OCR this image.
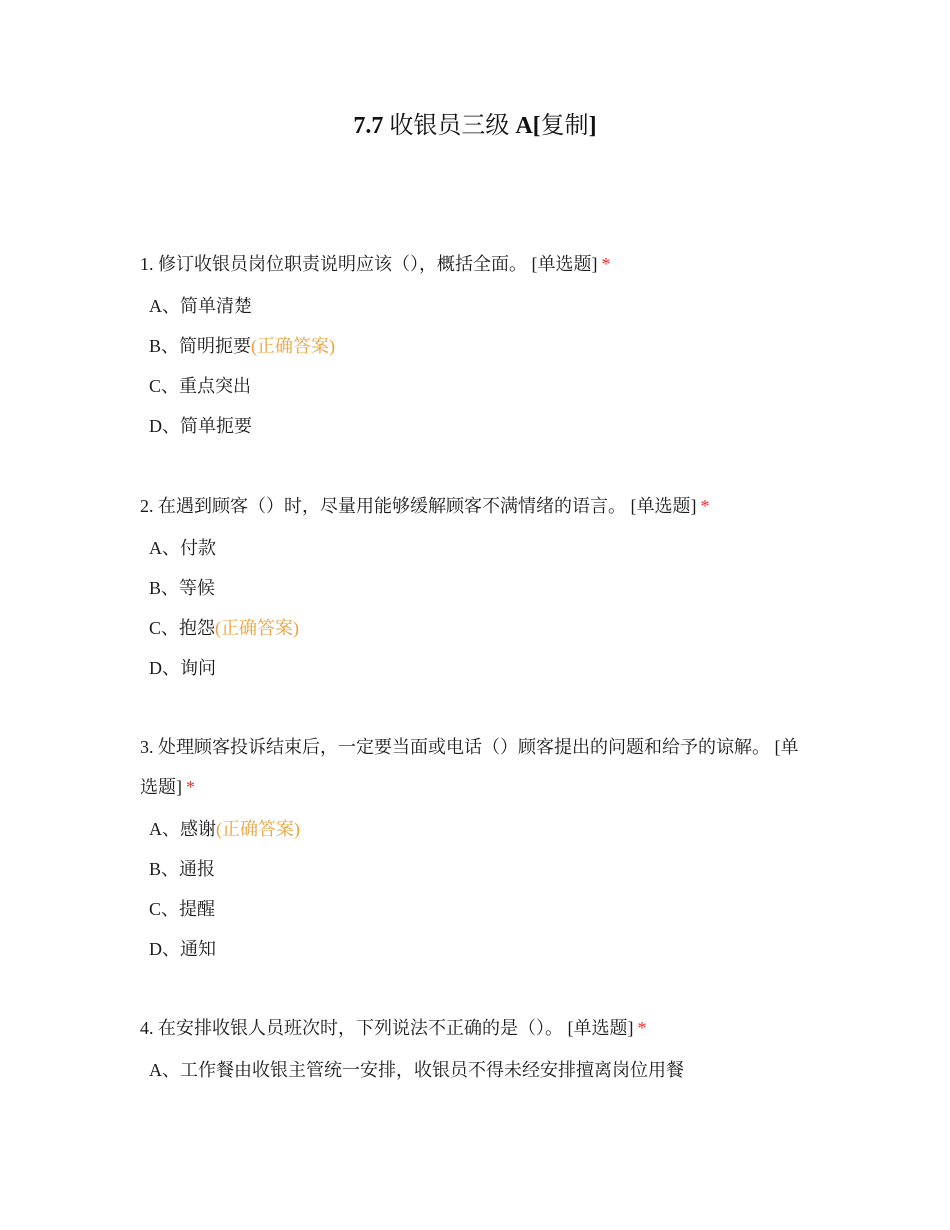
7.7 收银员三级 A[复制]
1. 修订收银员岗位职责说明应该（），概括全面。 [单选题] *
A、简单清楚
B、简明扼要(正确答案)
C、重点突出
D、简单扼要
2. 在遇到顾客（）时，尽量用能够缓解顾客不满情绪的语言。 [单选题] *
A、付款
B、等候
C、抱怨(正确答案)
D、询问
3. 处理顾客投诉结束后，一定要当面或电话（）顾客提出的问题和给予的谅解。 [单选题] *
A、感谢(正确答案)
B、通报
C、提醒
D、通知
4. 在安排收银人员班次时，下列说法不正确的是（）。 [单选题] *
A、工作餐由收银主管统一安排，收银员不得未经安排擅离岗位用餐
